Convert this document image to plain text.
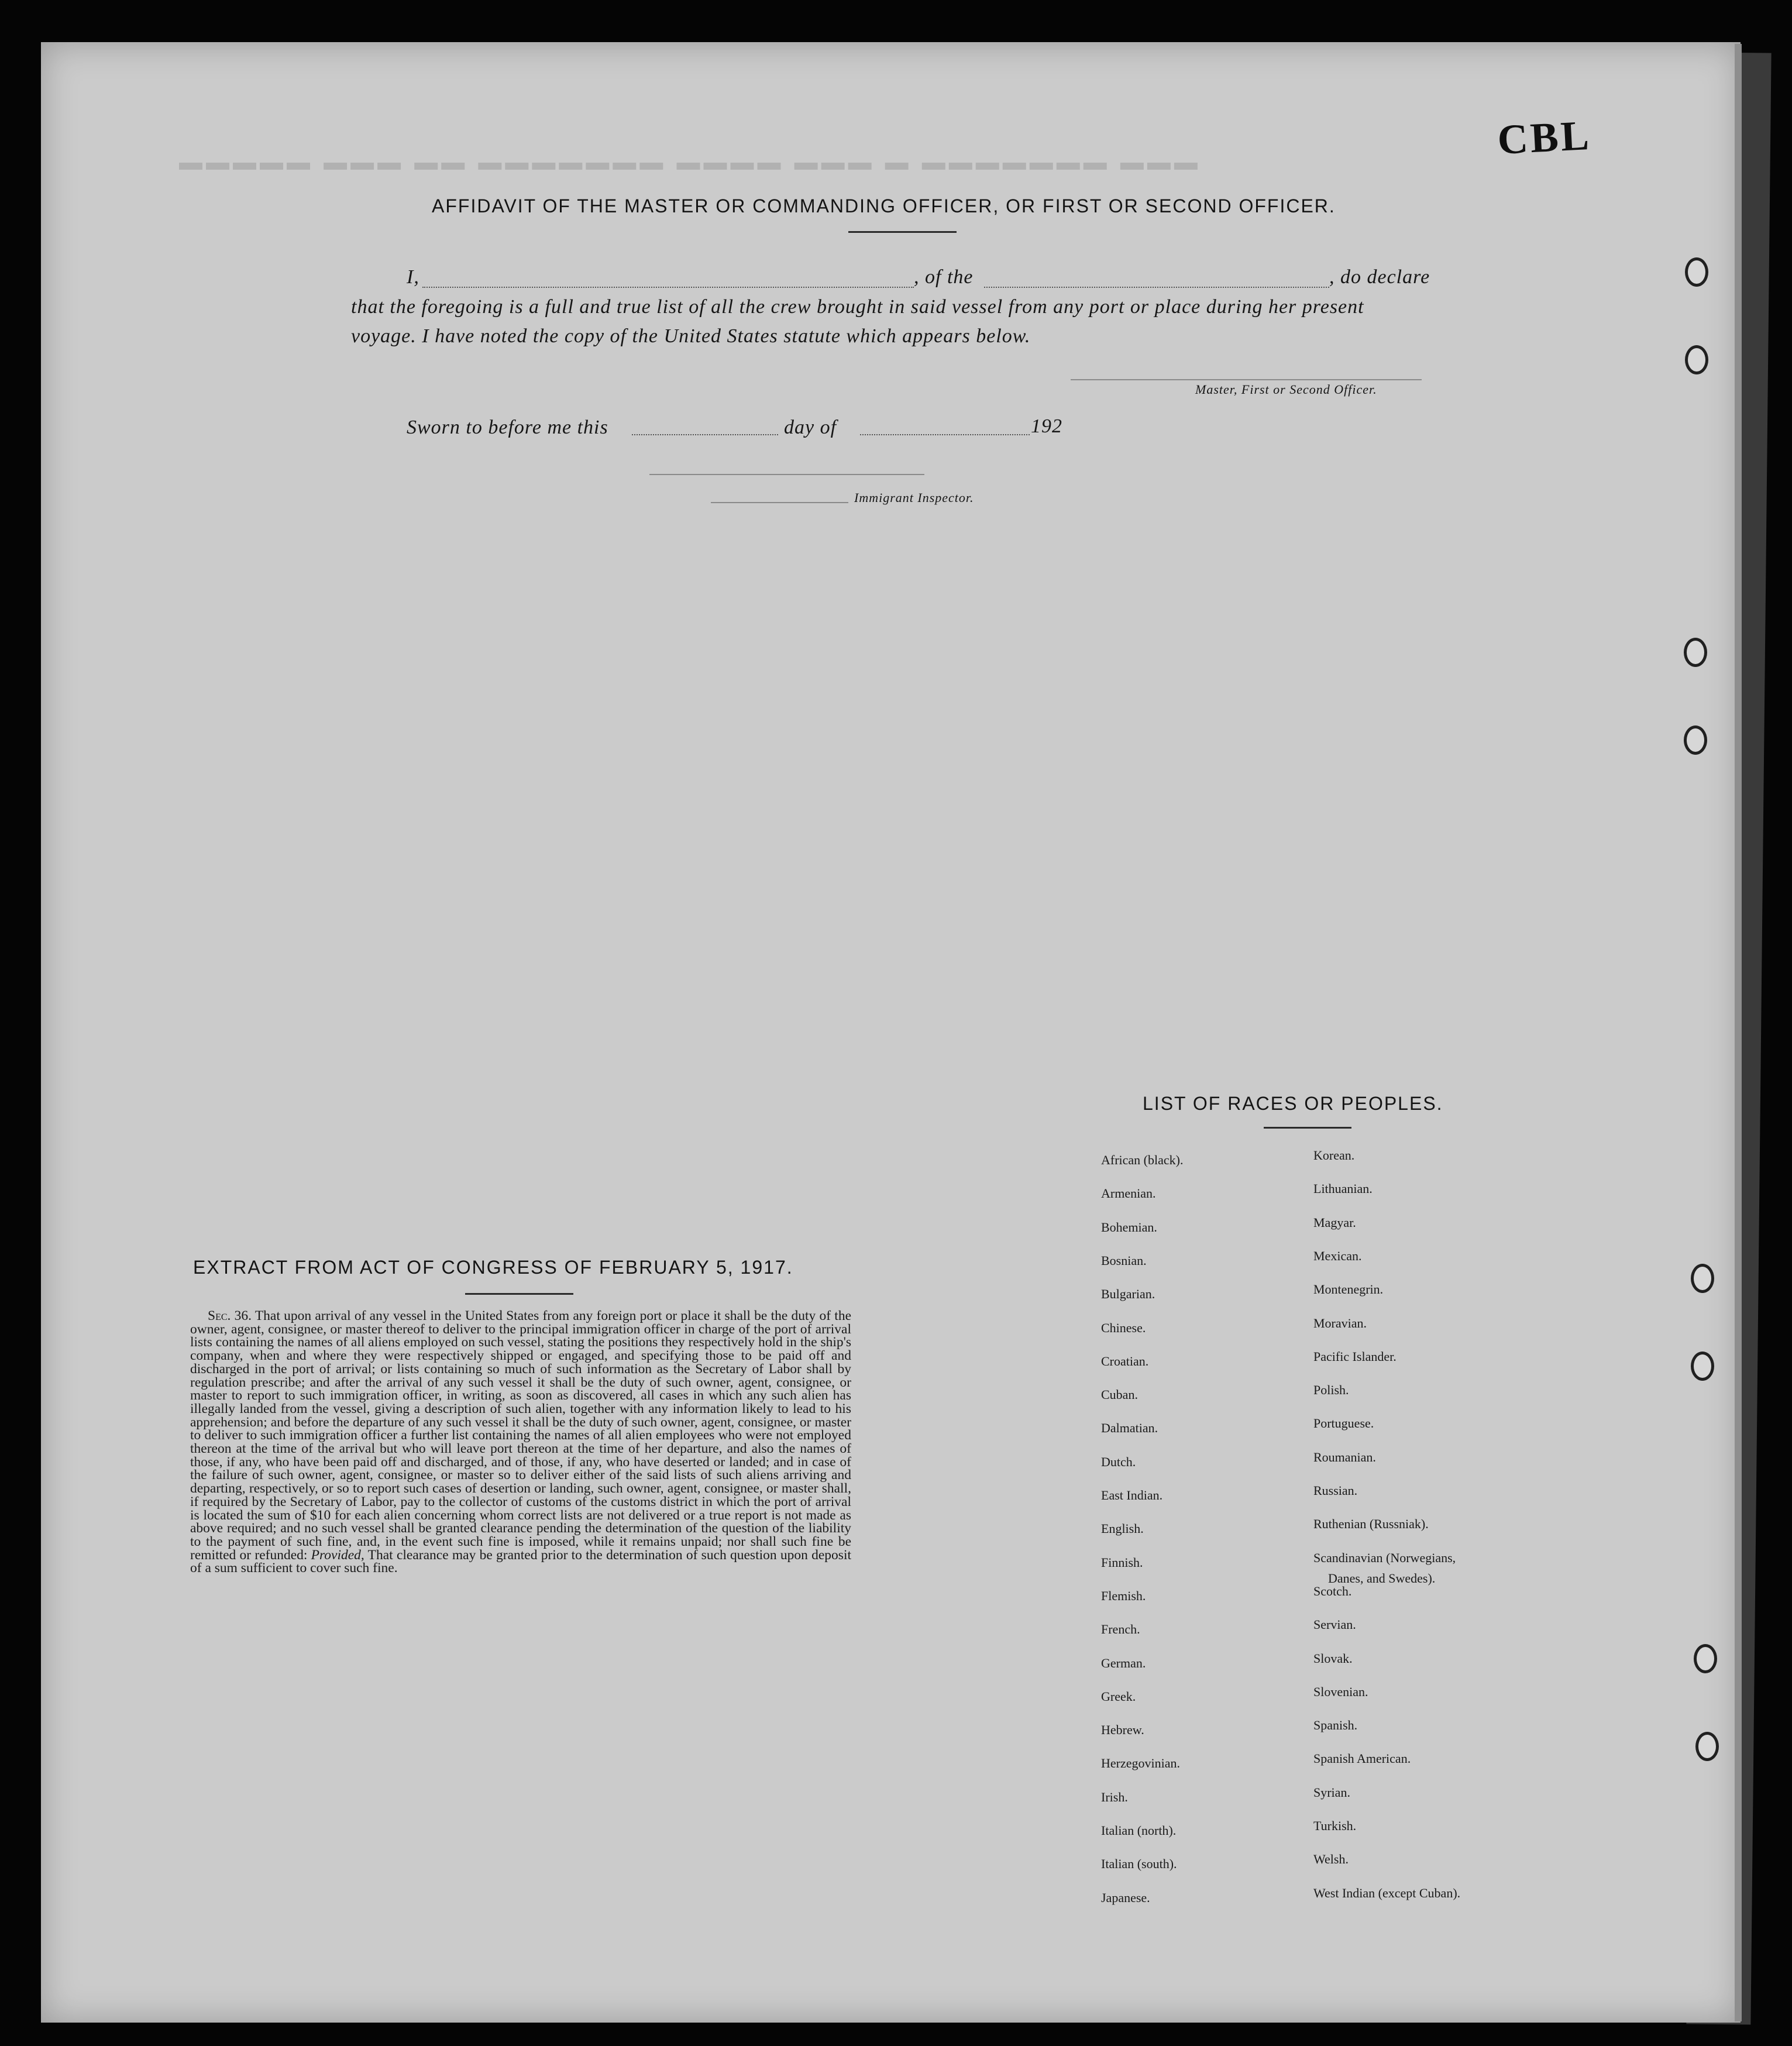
▬▬▬ ▬▬▬▬▬▬▬ ▬ ▬▬▬ ▬▬▬▬ ▬▬▬▬▬▬▬ ▬▬ ▬▬▬ ▬▬▬▬▬	CBL
AFFIDAVIT OF THE MASTER OR COMMANDING OFFICER, OR FIRST OR SECOND OFFICER.
I,	, of the	, do declare
that the foregoing is a full and true list of all the crew brought in said vessel from any port or place during her present
voyage. I have noted the copy of the United States statute which appears below.
Master, First or Second Officer.
Sworn to before me this	day of	192
Immigrant Inspector.
EXTRACT FROM ACT OF CONGRESS OF FEBRUARY 5, 1917.
Sec. 36. That upon arrival of any vessel in the United States from any foreign port or place it shall be the duty of the owner, agent, consignee, or master thereof to deliver to the principal immigration officer in charge of the port of arrival lists containing the names of all aliens employed on such vessel, stating the positions they respectively hold in the ship's company, when and where they were respectively shipped or engaged, and specifying those to be paid off and discharged in the port of arrival; or lists containing so much of such information as the Secretary of Labor shall by regulation prescribe; and after the arrival of any such vessel it shall be the duty of such owner, agent, consignee, or master to report to such immigration officer, in writing, as soon as discovered, all cases in which any such alien has illegally landed from the vessel, giving a description of such alien, together with any information likely to lead to his apprehension; and before the departure of any such vessel it shall be the duty of such owner, agent, consignee, or master to deliver to such immigration officer a further list containing the names of all alien employees who were not employed thereon at the time of the arrival but who will leave port thereon at the time of her departure, and also the names of those, if any, who have been paid off and discharged, and of those, if any, who have deserted or landed; and in case of the failure of such owner, agent, consignee, or master so to deliver either of the said lists of such aliens arriving and departing, respectively, or so to report such cases of desertion or landing, such owner, agent, consignee, or master shall, if required by the Secretary of Labor, pay to the collector of customs of the customs district in which the port of arrival is located the sum of $10 for each alien concerning whom correct lists are not delivered or a true report is not made as above required; and no such vessel shall be granted clearance pending the determination of the question of the liability to the payment of such fine, and, in the event such fine is imposed, while it remains unpaid; nor shall such fine be remitted or refunded: Provided, That clearance may be granted prior to the determination of such question upon deposit of a sum sufficient to cover such fine.
LIST OF RACES OR PEOPLES.
African (black).
Armenian.
Bohemian.
Bosnian.
Bulgarian.
Chinese.
Croatian.
Cuban.
Dalmatian.
Dutch.
East Indian.
English.
Finnish.
Flemish.
French.
German.
Greek.
Hebrew.
Herzegovinian.
Irish.
Italian (north).
Italian (south).
Japanese.
Korean.
Lithuanian.
Magyar.
Mexican.
Montenegrin.
Moravian.
Pacific Islander.
Polish.
Portuguese.
Roumanian.
Russian.
Ruthenian (Russniak).
Scandinavian (Norwegians,
Danes, and Swedes).
Scotch.
Servian.
Slovak.
Slovenian.
Spanish.
Spanish American.
Syrian.
Turkish.
Welsh.
West Indian (except Cuban).
